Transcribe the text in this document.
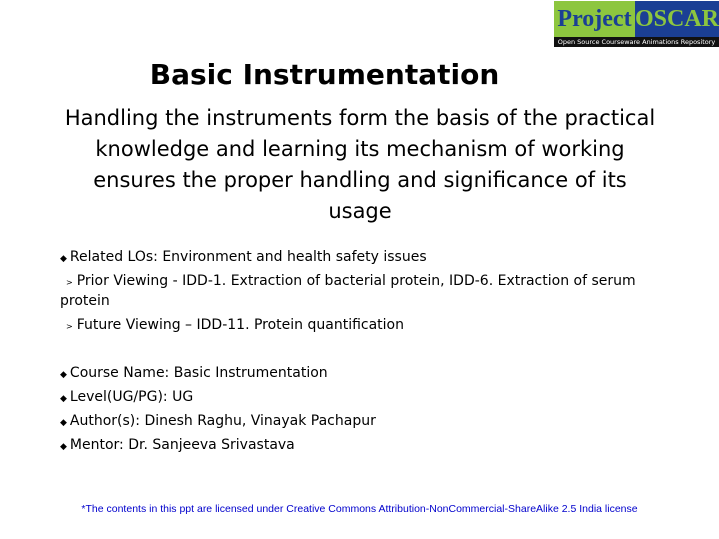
Project OSCAR
Open Source Courseware Animations Repository
Basic Instrumentation
Handling the instruments form the basis of the practical knowledge and learning its mechanism of working ensures the proper handling and significance of its usage
◆ Related LOs: Environment and health safety issues
> Prior Viewing - IDD-1. Extraction of bacterial protein, IDD-6. Extraction of serum
protein
> Future Viewing – IDD-11. Protein quantification
◆ Course Name: Basic Instrumentation
◆ Level(UG/PG): UG
◆ Author(s): Dinesh Raghu, Vinayak Pachapur
◆ Mentor: Dr. Sanjeeva Srivastava
*The contents in this ppt are licensed under Creative Commons Attribution-NonCommercial-ShareAlike 2.5 India license
